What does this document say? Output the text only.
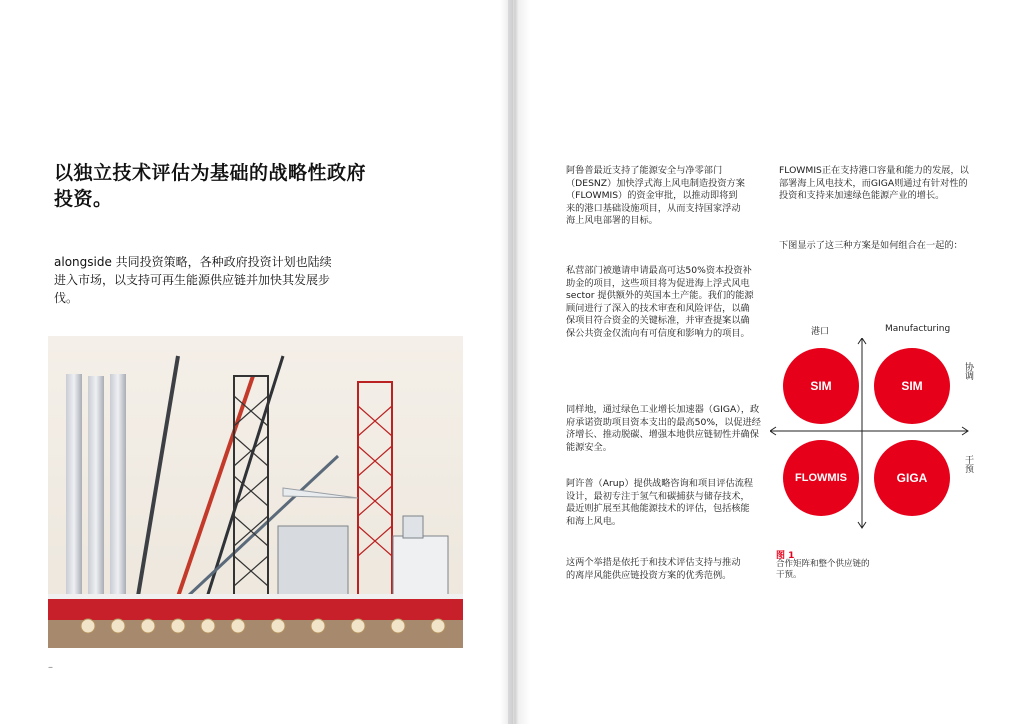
以独立技术评估为基础的战略性政府投资。
alongside 共同投资策略，各种政府投资计划也陆续进入市场，以支持可再生能源供应链并加快其发展步伐。
–
阿鲁普最近支持了能源安全与净零部门（DESNZ）加快浮式海上风电制造投资方案（FLOWMIS）的资金审批，以推动即将到来的港口基础设施项目，从而支持国家浮动海上风电部署的目标。
私营部门被邀请申请最高可达50%资本投资补助金的项目，这些项目将为促进海上浮式风电 sector 提供额外的英国本土产能。我们的能源顾问进行了深入的技术审查和风险评估，以确保项目符合资金的关键标准，并审查提案以确保公共资金仅流向有可信度和影响力的项目。
同样地，通过绿色工业增长加速器（GIGA），政府承诺资助项目资本支出的最高50%，以促进经济增长、推动脱碳、增强本地供应链韧性并确保能源安全。
阿许普（Arup）提供战略咨询和项目评估流程设计，最初专注于氢气和碳捕获与储存技术，最近则扩展至其他能源技术的评估，包括核能和海上风电。
这两个举措是依托于和技术评估支持与推动的离岸风能供应链投资方案的优秀范例。
FLOWMIS正在支持港口容量和能力的发展，以部署海上风电技术，而GIGA则通过有针对性的投资和支持来加速绿色能源产业的增长。
下图显示了这三种方案是如何组合在一起的：
港口	Manufacturing
协调
干预
SIM	SIM
FLOWMIS	GIGA
图 1
合作矩阵和整个供应链的干预。
